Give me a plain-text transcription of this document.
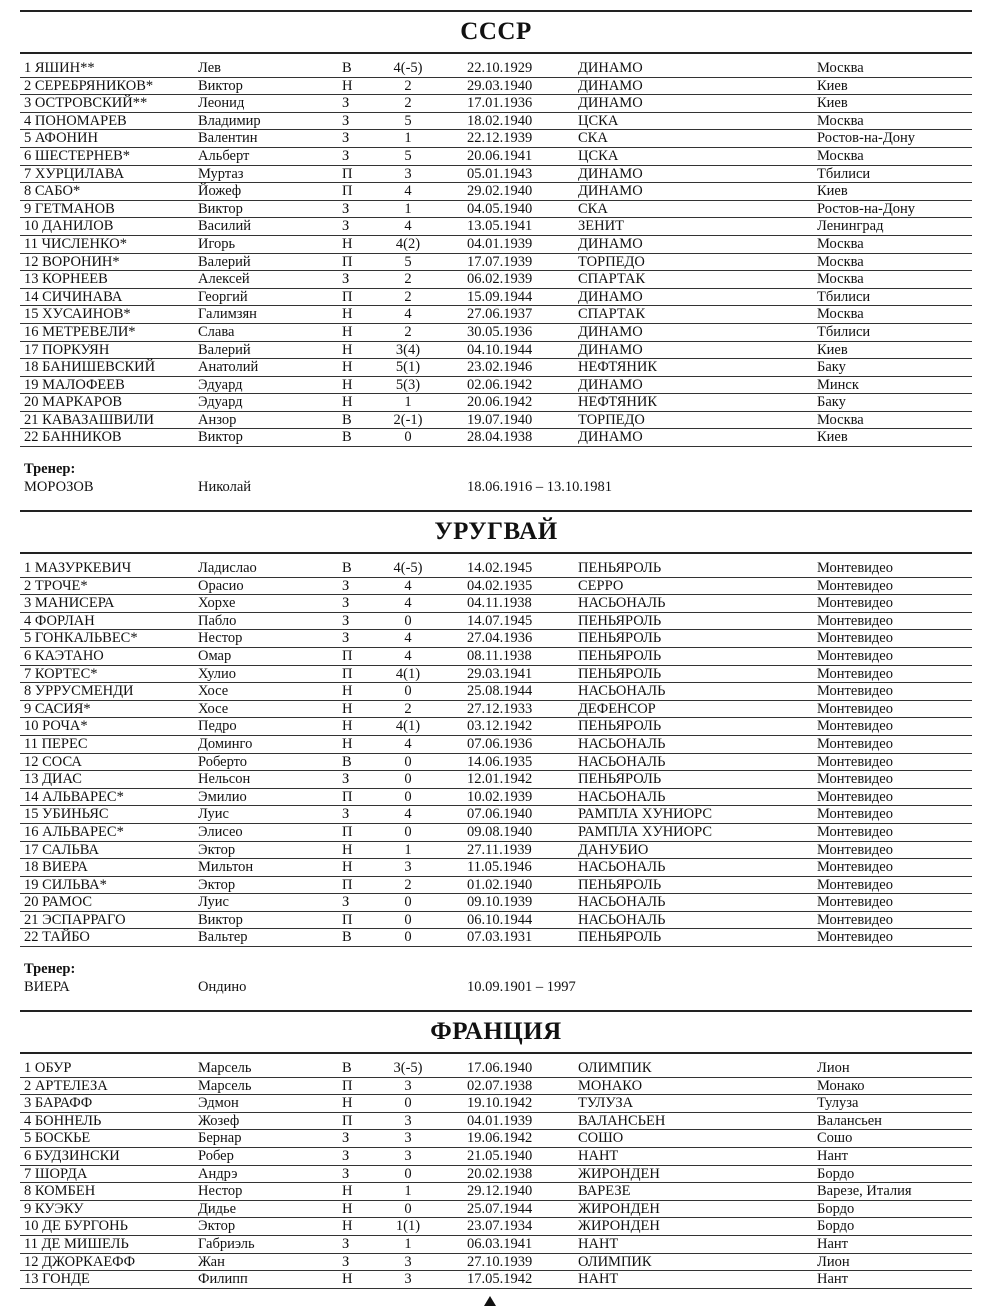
СССР
1 ЯШИН**	Лев	В	4(-5)	22.10.1929	ДИНАМО	Москва
2 СЕРЕБРЯНИКОВ*	Виктор	Н	2	29.03.1940	ДИНАМО	Киев
3 ОСТРОВСКИЙ**	Леонид	З	2	17.01.1936	ДИНАМО	Киев
4 ПОНОМАРЕВ	Владимир	З	5	18.02.1940	ЦСКА	Москва
5 АФОНИН	Валентин	З	1	22.12.1939	СКА	Ростов-на-Дону
6 ШЕСТЕРНЕВ*	Альберт	З	5	20.06.1941	ЦСКА	Москва
7 ХУРЦИЛАВА	Муртаз	П	3	05.01.1943	ДИНАМО	Тбилиси
8 САБО*	Йожеф	П	4	29.02.1940	ДИНАМО	Киев
9 ГЕТМАНОВ	Виктор	З	1	04.05.1940	СКА	Ростов-на-Дону
10 ДАНИЛОВ	Василий	З	4	13.05.1941	ЗЕНИТ	Ленинград
11 ЧИСЛЕНКО*	Игорь	Н	4(2)	04.01.1939	ДИНАМО	Москва
12 ВОРОНИН*	Валерий	П	5	17.07.1939	ТОРПЕДО	Москва
13 КОРНЕЕВ	Алексей	З	2	06.02.1939	СПАРТАК	Москва
14 СИЧИНАВА	Георгий	П	2	15.09.1944	ДИНАМО	Тбилиси
15 ХУСАИНОВ*	Галимзян	Н	4	27.06.1937	СПАРТАК	Москва
16 МЕТРЕВЕЛИ*	Слава	Н	2	30.05.1936	ДИНАМО	Тбилиси
17 ПОРКУЯН	Валерий	Н	3(4)	04.10.1944	ДИНАМО	Киев
18 БАНИШЕВСКИЙ	Анатолий	Н	5(1)	23.02.1946	НЕФТЯНИК	Баку
19 МАЛОФЕЕВ	Эдуард	Н	5(3)	02.06.1942	ДИНАМО	Минск
20 МАРКАРОВ	Эдуард	Н	1	20.06.1942	НЕФТЯНИК	Баку
21 КАВАЗАШВИЛИ	Анзор	В	2(-1)	19.07.1940	ТОРПЕДО	Москва
22 БАННИКОВ	Виктор	В	0	28.04.1938	ДИНАМО	Киев
Тренер:
МОРОЗОВ	Николай	18.06.1916 – 13.10.1981
УРУГВАЙ
1 МАЗУРКЕВИЧ	Ладислао	В	4(-5)	14.02.1945	ПЕНЬЯРОЛЬ	Монтевидео
2 ТРОЧЕ*	Орасио	З	4	04.02.1935	СЕРРО	Монтевидео
3 МАНИСЕРА	Хорхе	З	4	04.11.1938	НАСЬОНАЛЬ	Монтевидео
4 ФОРЛАН	Пабло	З	0	14.07.1945	ПЕНЬЯРОЛЬ	Монтевидео
5 ГОНКАЛЬВЕС*	Нестор	З	4	27.04.1936	ПЕНЬЯРОЛЬ	Монтевидео
6 КАЭТАНО	Омар	П	4	08.11.1938	ПЕНЬЯРОЛЬ	Монтевидео
7 КОРТЕС*	Хулио	П	4(1)	29.03.1941	ПЕНЬЯРОЛЬ	Монтевидео
8 УРРУСМЕНДИ	Хосе	Н	0	25.08.1944	НАСЬОНАЛЬ	Монтевидео
9 САСИЯ*	Хосе	Н	2	27.12.1933	ДЕФЕНСОР	Монтевидео
10 РОЧА*	Педро	Н	4(1)	03.12.1942	ПЕНЬЯРОЛЬ	Монтевидео
11 ПЕРЕС	Доминго	Н	4	07.06.1936	НАСЬОНАЛЬ	Монтевидео
12 СОСА	Роберто	В	0	14.06.1935	НАСЬОНАЛЬ	Монтевидео
13 ДИАС	Нельсон	З	0	12.01.1942	ПЕНЬЯРОЛЬ	Монтевидео
14 АЛЬВАРЕС*	Эмилио	П	0	10.02.1939	НАСЬОНАЛЬ	Монтевидео
15 УБИНЬЯС	Луис	З	4	07.06.1940	РАМПЛА ХУНИОРС	Монтевидео
16 АЛЬВАРЕС*	Элисео	П	0	09.08.1940	РАМПЛА ХУНИОРС	Монтевидео
17 САЛЬВА	Эктор	Н	1	27.11.1939	ДАНУБИО	Монтевидео
18 ВИЕРА	Мильтон	Н	3	11.05.1946	НАСЬОНАЛЬ	Монтевидео
19 СИЛЬВА*	Эктор	П	2	01.02.1940	ПЕНЬЯРОЛЬ	Монтевидео
20 РАМОС	Луис	З	0	09.10.1939	НАСЬОНАЛЬ	Монтевидео
21 ЭСПАРРАГО	Виктор	П	0	06.10.1944	НАСЬОНАЛЬ	Монтевидео
22 ТАЙБО	Вальтер	В	0	07.03.1931	ПЕНЬЯРОЛЬ	Монтевидео
Тренер:
ВИЕРА	Ондино	10.09.1901 – 1997
ФРАНЦИЯ
1 ОБУР	Марсель	В	3(-5)	17.06.1940	ОЛИМПИК	Лион
2 АРТЕЛЕЗА	Марсель	П	3	02.07.1938	МОНАКО	Монако
3 БАРАФФ	Эдмон	Н	0	19.10.1942	ТУЛУЗА	Тулуза
4 БОННЕЛЬ	Жозеф	П	3	04.01.1939	ВАЛАНСЬЕН	Валансьен
5 БОСКЬЕ	Бернар	З	3	19.06.1942	СОШО	Сошо
6 БУДЗИНСКИ	Робер	З	3	21.05.1940	НАНТ	Нант
7 ШОРДА	Андрэ	З	0	20.02.1938	ЖИРОНДЕН	Бордо
8 КОМБЕН	Нестор	Н	1	29.12.1940	ВАРЕЗЕ	Варезе, Италия
9 КУЭКУ	Дидье	Н	0	25.07.1944	ЖИРОНДЕН	Бордо
10 ДЕ БУРГОНЬ	Эктор	Н	1(1)	23.07.1934	ЖИРОНДЕН	Бордо
11 ДЕ МИШЕЛЬ	Габриэль	З	1	06.03.1941	НАНТ	Нант
12 ДЖОРКАЕФФ	Жан	З	3	27.10.1939	ОЛИМПИК	Лион
13 ГОНДЕ	Филипп	Н	3	17.05.1942	НАНТ	Нант
